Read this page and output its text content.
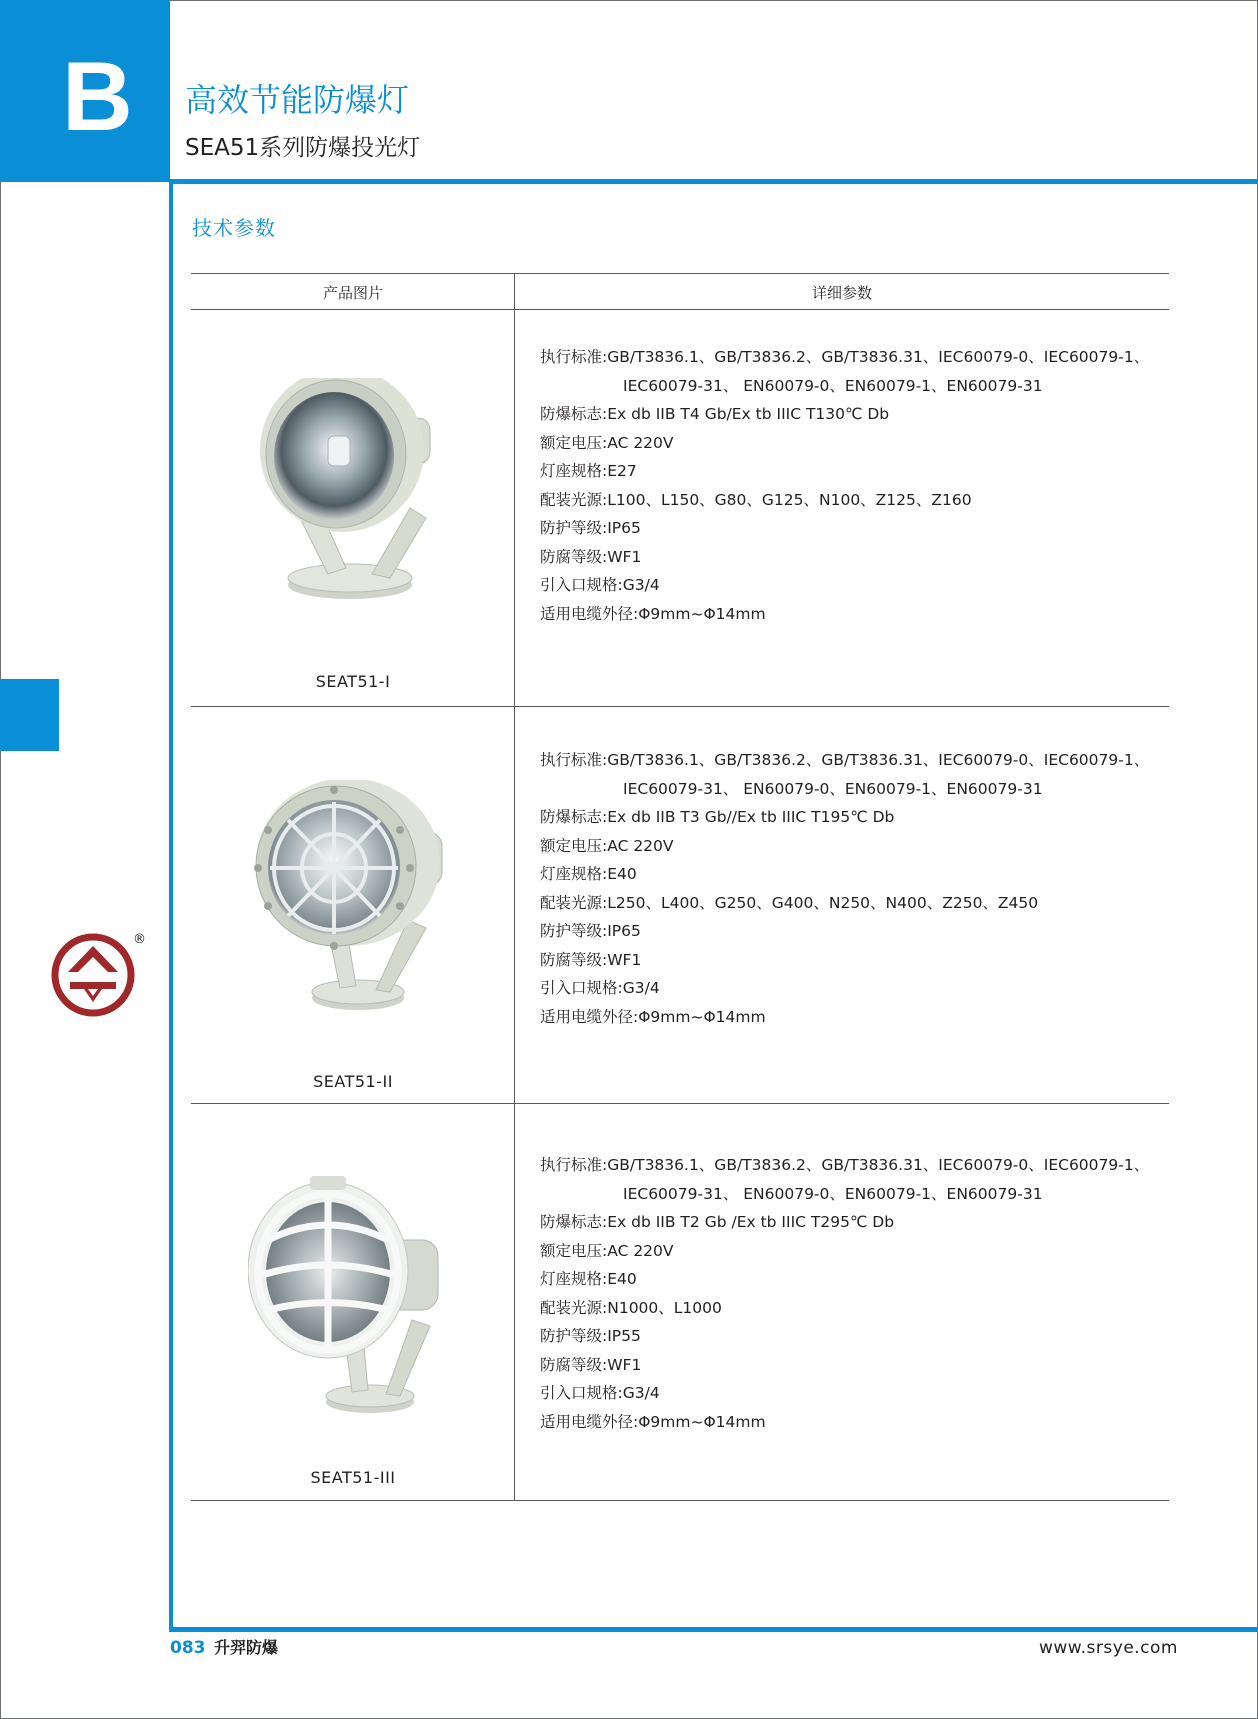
B 高效节能防爆灯
SEA51系列防爆投光灯
技术参数
®
产品图片	详细参数
SEAT51-I
执行标准: GB/T3836.1、GB/T3836.2、GB/T3836.31、IEC60079-0、IEC60079-1、
IEC60079-31、 EN60079-0、EN60079-1、EN60079-31
防爆标志: Ex db IIB T4 Gb/Ex tb IIIC T130℃ Db
额定电压: AC 220V
灯座规格: E27
配装光源: L100、L150、G80、G125、N100、Z125、Z160
防护等级: IP65
防腐等级: WF1
引入口规格: G3/4
适用电缆外径: Φ9mm~Φ14mm
SEAT51-II
执行标准: GB/T3836.1、GB/T3836.2、GB/T3836.31、IEC60079-0、IEC60079-1、
IEC60079-31、 EN60079-0、EN60079-1、EN60079-31
防爆标志: Ex db IIB T3 Gb//Ex tb IIIC T195℃ Db
额定电压: AC 220V
灯座规格: E40
配装光源: L250、L400、G250、G400、N250、N400、Z250、Z450
防护等级: IP65
防腐等级: WF1
引入口规格: G3/4
适用电缆外径: Φ9mm~Φ14mm
SEAT51-III
执行标准: GB/T3836.1、GB/T3836.2、GB/T3836.31、IEC60079-0、IEC60079-1、
IEC60079-31、 EN60079-0、EN60079-1、EN60079-31
防爆标志: Ex db IIB T2 Gb /Ex tb IIIC T295℃ Db
额定电压: AC 220V
灯座规格: E40
配装光源: N1000、L1000
防护等级: IP55
防腐等级: WF1
引入口规格: G3/4
适用电缆外径: Φ9mm~Φ14mm
083 升羿防爆	www.srsye.com
